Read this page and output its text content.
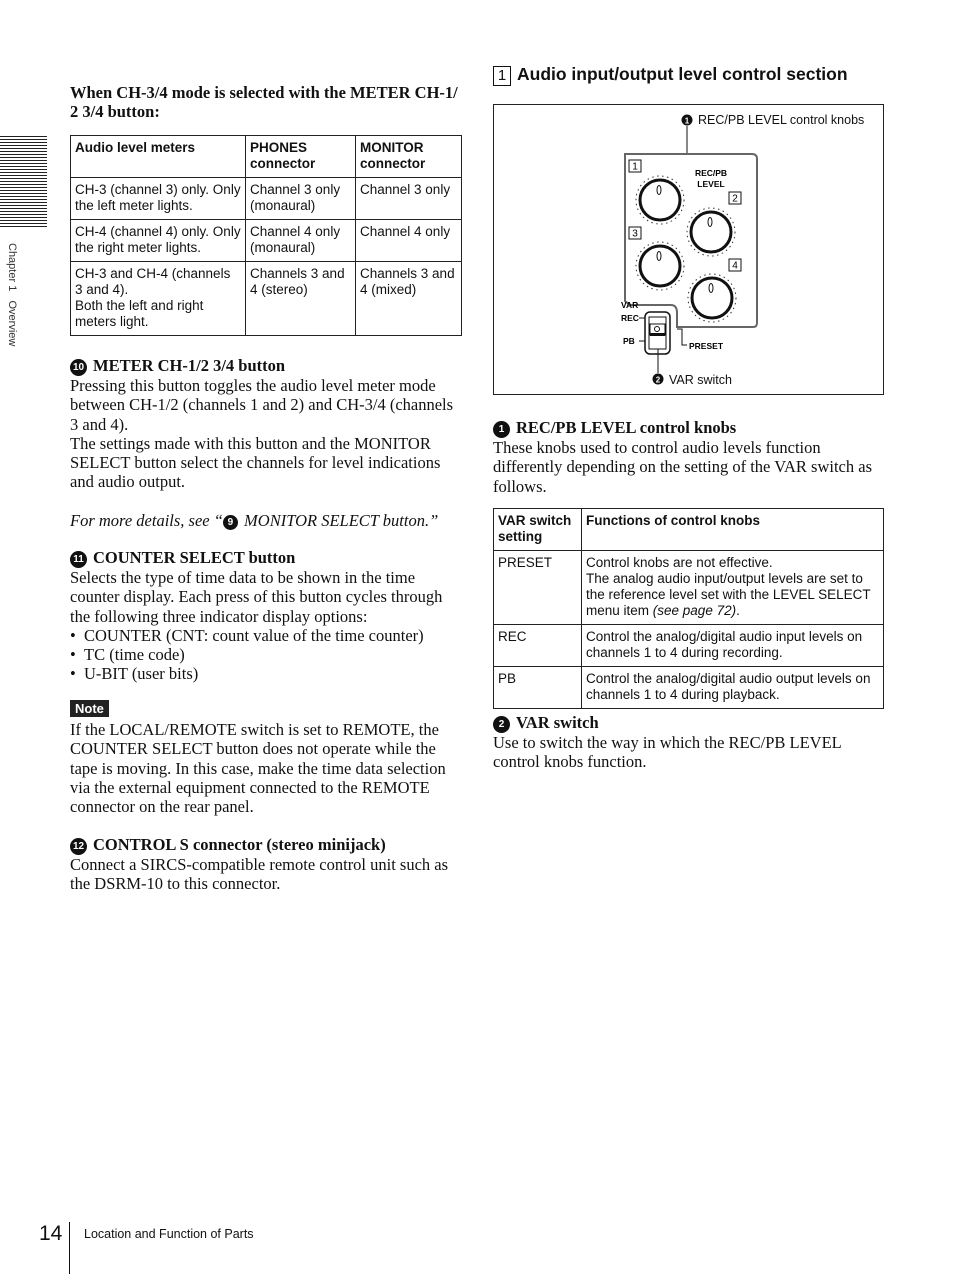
Chapter 1   Overview
When CH-3/4 mode is selected with the METER CH-1/ 2 3/4 button:
Audio level meters	PHONES connector	MONITOR connector
CH-3 (channel 3) only. Only the left meter lights.	Channel 3 only (monaural)	Channel 3 only
CH-4 (channel 4) only. Only the right meter lights.	Channel 4 only (monaural)	Channel 4 only
CH-3 and CH-4 (channels 3 and 4).
Both the left and right meters light.	Channels 3 and 4 (stereo)	Channels 3 and 4 (mixed)
10 METER CH-1/2 3/4 button

Pressing this button toggles the audio level meter mode between CH-1/2 (channels 1 and 2) and CH-3/4 (channels 3 and 4).

The settings made with this button and the MONITOR SELECT button select the channels for level indications and audio output.

For more details, see “ 9 MONITOR SELECT button.”

11 COUNTER SELECT button

Selects the type of time data to be shown in the time counter display. Each press of this button cycles through the following three indicator display options:

• COUNTER (CNT: count value of the time counter)
• TC (time code)
• U-BIT (user bits)
Note

If the LOCAL/REMOTE switch is set to REMOTE, the COUNTER SELECT button does not operate while the tape is moving. In this case, make the time data selection via the external equipment connected to the REMOTE connector on the rear panel.

12 CONTROL S connector (stereo minijack)

Connect a SIRCS-compatible remote control unit such as the DSRM-10 to this connector.

1 Audio input/output level control section
1 REC/PB LEVEL control knobs
REC/PB
LEVEL
1
2
3
4
VAR
REC
PB	PRESET
2 VAR switch
1 REC/PB LEVEL control knobs

These knobs used to control audio levels function differently depending on the setting of the VAR switch as follows.

VAR switch setting	Functions of control knobs
PRESET	Control knobs are not effective.
The analog audio input/output levels are set to the reference level set with the LEVEL SELECT menu item (see page 72).
REC	Control the analog/digital audio input levels on channels 1 to 4 during recording.
PB	Control the analog/digital audio output levels on channels 1 to 4 during playback.
2 VAR switch

Use to switch the way in which the REC/PB LEVEL control knobs function.

14 Location and Function of Parts
